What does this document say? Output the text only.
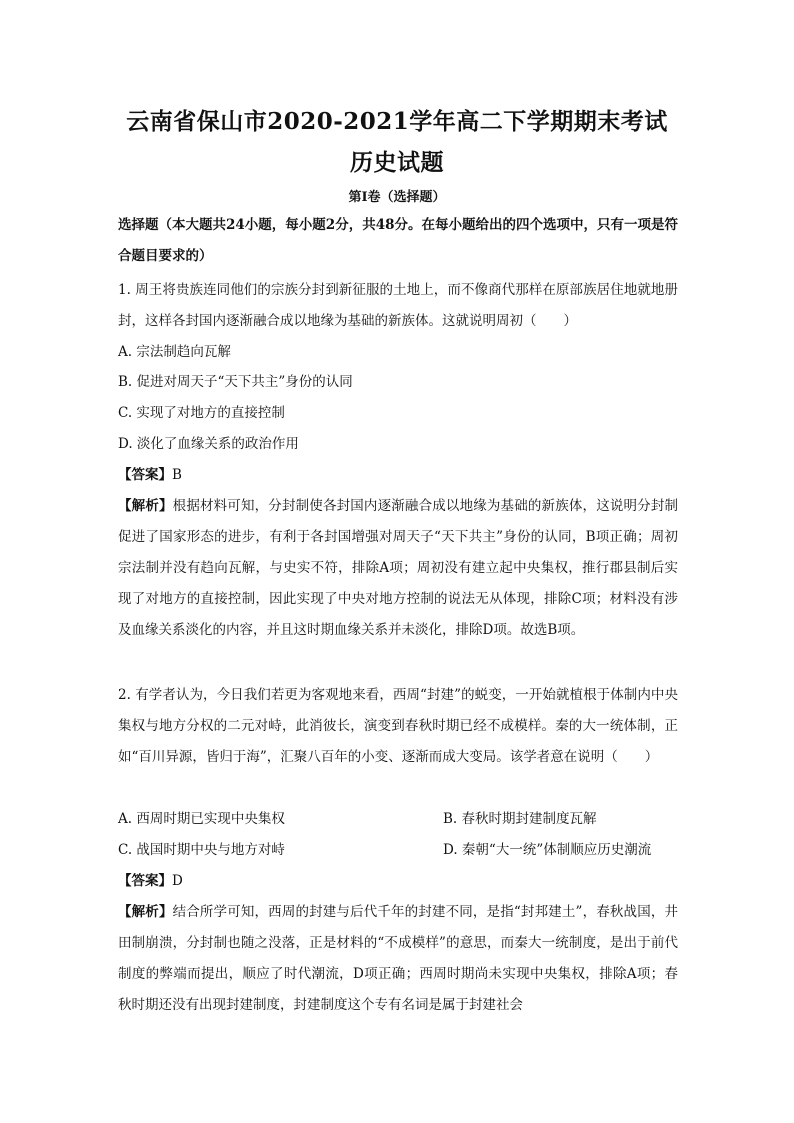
云南省保山市2020-2021学年高二下学期期末考试
历史试题
第I卷（选择题）
选择题（本大题共24小题，每小题2分，共48分。在每小题给出的四个选项中，只有一项是符合题目要求的）
1. 周王将贵族连同他们的宗族分封到新征服的土地上，而不像商代那样在原部族居住地就地册封，这样各封国内逐渐融合成以地缘为基础的新族体。这就说明周初（　　）
A. 宗法制趋向瓦解
B. 促进对周天子“天下共主”身份的认同
C. 实现了对地方的直接控制
D. 淡化了血缘关系的政治作用
【答案】B
【解析】根据材料可知，分封制使各封国内逐渐融合成以地缘为基础的新族体，这说明分封制促进了国家形态的进步，有利于各封国增强对周天子“天下共主”身份的认同，B项正确；周初宗法制并没有趋向瓦解，与史实不符，排除A项；周初没有建立起中央集权，推行郡县制后实现了对地方的直接控制，因此实现了中央对地方控制的说法无从体现，排除C项；材料没有涉及血缘关系淡化的内容，并且这时期血缘关系并未淡化，排除D项。故选B项。
2. 有学者认为，今日我们若更为客观地来看，西周“封建”的蜕变，一开始就植根于体制内中央集权与地方分权的二元对峙，此消彼长，演变到春秋时期已经不成模样。秦的大一统体制，正如“百川异源，皆归于海”，汇聚八百年的小变、逐渐而成大变局。该学者意在说明（　　）
A. 西周时期已实现中央集权	B. 春秋时期封建制度瓦解
C. 战国时期中央与地方对峙	D. 秦朝“大一统”体制顺应历史潮流
【答案】D
【解析】结合所学可知，西周的封建与后代千年的封建不同，是指“封邦建土”，春秋战国，井田制崩溃，分封制也随之没落，正是材料的“不成模样”的意思，而秦大一统制度，是出于前代制度的弊端而提出，顺应了时代潮流，D项正确；西周时期尚未实现中央集权，排除A项；春秋时期还没有出现封建制度，封建制度这个专有名词是属于封建社会
